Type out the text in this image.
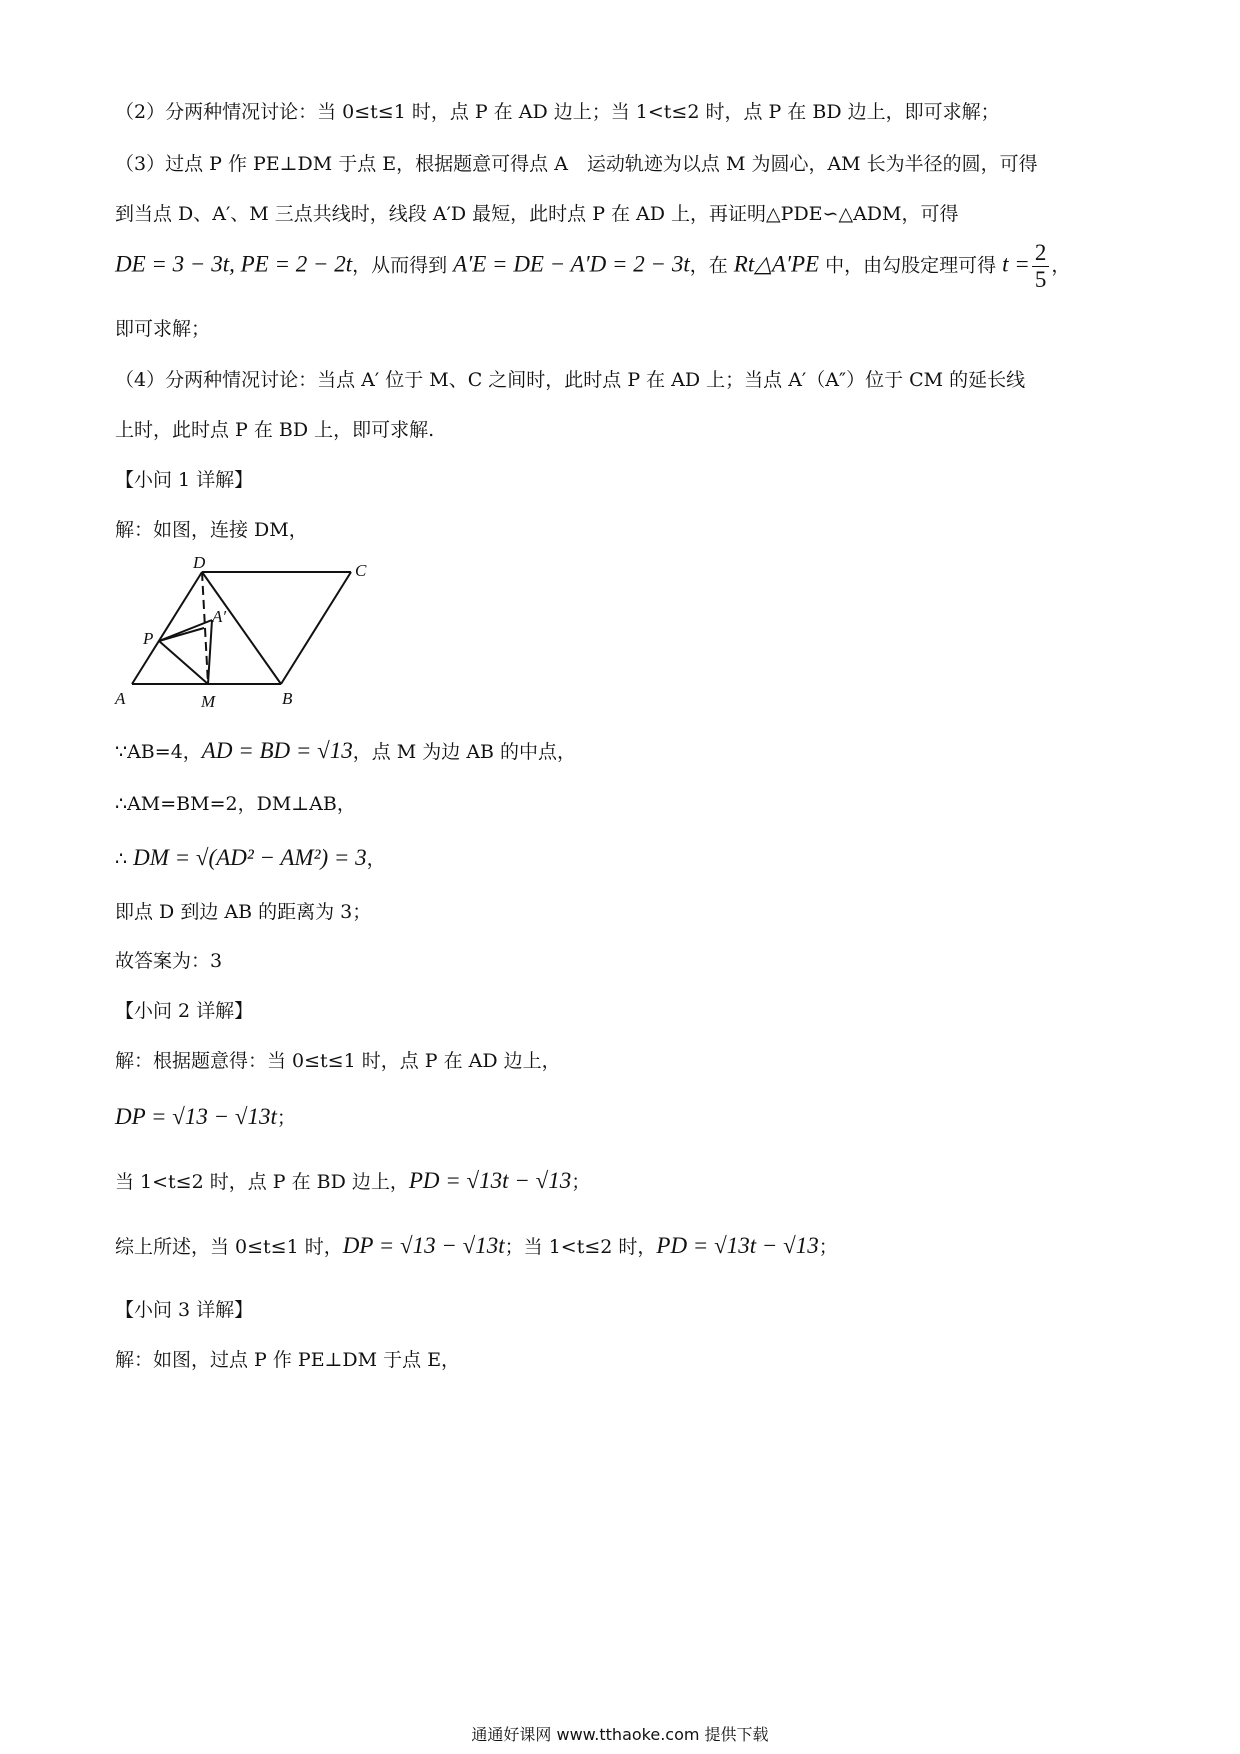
（2）分两种情况讨论：当 0≤t≤1 时，点 P 在 AD 边上；当 1<t≤2 时，点 P 在 BD 边上，即可求解；
（3）过点 P 作 PE⊥DM 于点 E，根据题意可得点 A　运动轨迹为以点 M 为圆心，AM 长为半径的圆，可得
到当点 D、A′、M 三点共线时，线段 A′D 最短，此时点 P 在 AD 上，再证明△PDE∽△ADM，可得
DE = 3 − 3t, PE = 2 − 2t，从而得到 A′E = DE − A′D = 2 − 3t，在 Rt△A′PE 中，由勾股定理可得 $t = \frac{2}{5}$ ，
即可求解；
（4）分两种情况讨论：当点 A′ 位于 M、C 之间时，此时点 P 在 AD 上；当点 A′（A″）位于 CM 的延长线
上时，此时点 P 在 BD 上，即可求解.
【小问 1 详解】
解：如图，连接 DM，
D	C
A′
P
A	M	B
∵AB=4，AD = BD = √13，点 M 为边 AB 的中点，
∴AM=BM=2，DM⊥AB，
∴ DM = √(AD² − AM²) = 3，
即点 D 到边 AB 的距离为 3；
故答案为：3
【小问 2 详解】
解：根据题意得：当 0≤t≤1 时，点 P 在 AD 边上，
DP = √13 − √13t；
当 1<t≤2 时，点 P 在 BD 边上，PD = √13t − √13；
综上所述，当 0≤t≤1 时，DP = √13 − √13t；当 1<t≤2 时，PD = √13t − √13；
【小问 3 详解】
解：如图，过点 P 作 PE⊥DM 于点 E，
通通好课网 www.tthaoke.com 提供下载
